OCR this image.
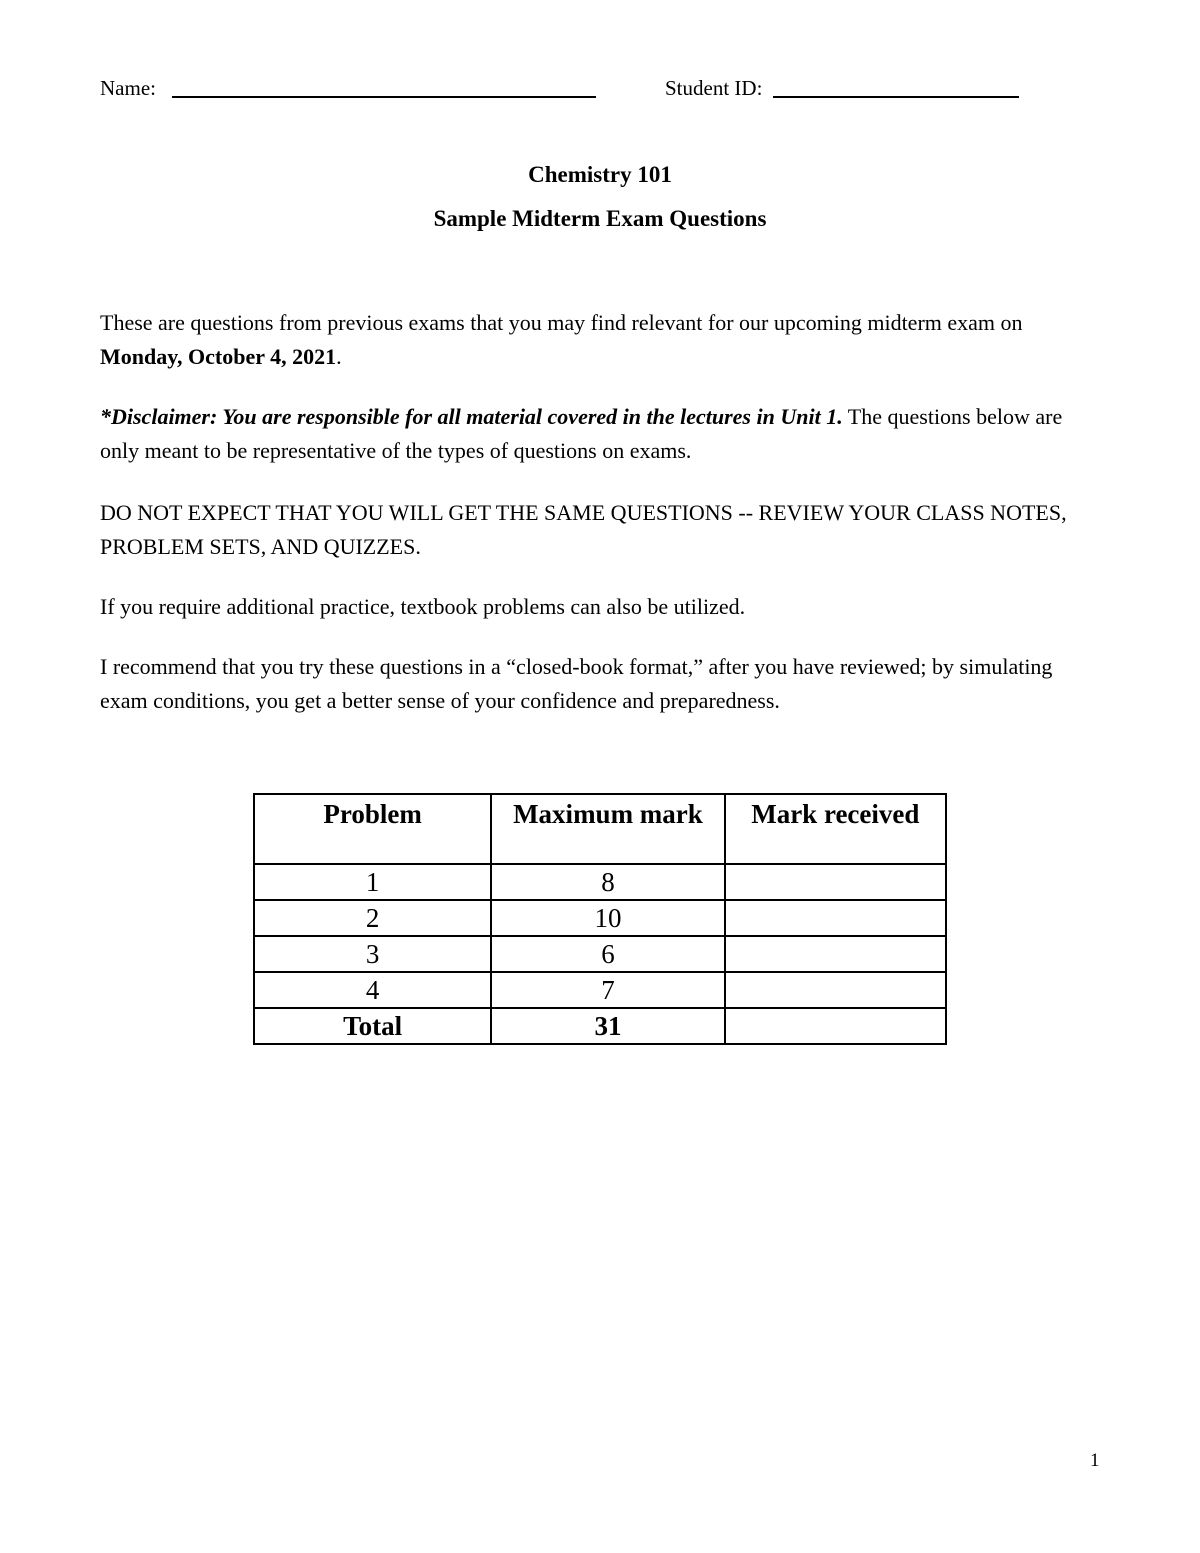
Name:	Student ID:
Chemistry 101
Sample Midterm Exam Questions

These are questions from previous exams that you may find relevant for our upcoming midterm exam on Monday, October 4, 2021.

*Disclaimer: You are responsible for all material covered in the lectures in Unit 1. The questions below are only meant to be representative of the types of questions on exams.

DO NOT EXPECT THAT YOU WILL GET THE SAME QUESTIONS -- REVIEW YOUR CLASS NOTES, PROBLEM SETS, AND QUIZZES.

If you require additional practice, textbook problems can also be utilized.

I recommend that you try these questions in a “closed-book format,” after you have reviewed; by simulating exam conditions, you get a better sense of your confidence and preparedness.

Problem	Maximum mark	Mark received
1	8	
2	10	
3	6	
4	7	
Total	31	
1
